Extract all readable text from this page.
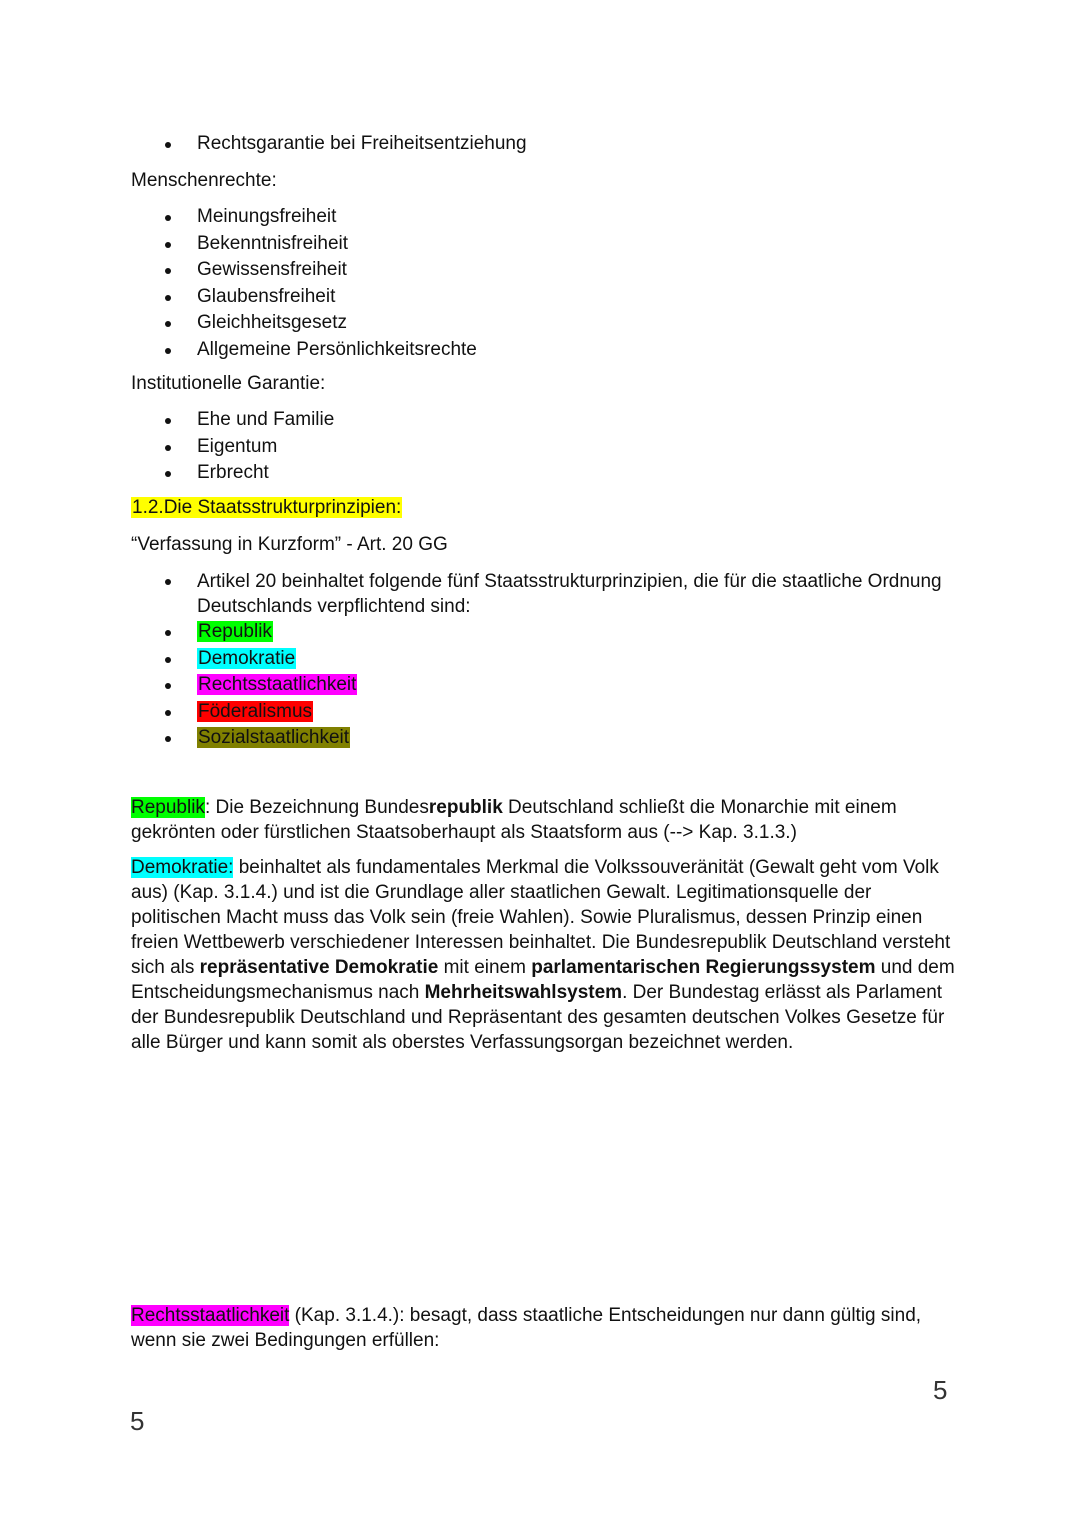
Rechtsgarantie bei Freiheitsentziehung

Menschenrechte:

Meinungsfreiheit
Bekenntnisfreiheit
Gewissensfreiheit
Glaubensfreiheit
Gleichheitsgesetz
Allgemeine Persönlichkeitsrechte

Institutionelle Garantie:

Ehe und Familie
Eigentum
Erbrecht

1.2.Die Staatsstrukturprinzipien:

“Verfassung in Kurzform” - Art. 20 GG

Artikel 20 beinhaltet folgende fünf Staatsstrukturprinzipien, die für die staatliche Ordnung Deutschlands verpflichtend sind:
Republik
Demokratie
Rechtsstaatlichkeit
Föderalismus
Sozialstaatlichkeit

Republik: Die Bezeichnung Bundesrepublik Deutschland schließt die Monarchie mit einem gekrönten oder fürstlichen Staatsoberhaupt als Staatsform aus (--> Kap. 3.1.3.)

Demokratie: beinhaltet als fundamentales Merkmal die Volkssouveränität (Gewalt geht vom Volk aus) (Kap. 3.1.4.) und ist die Grundlage aller staatlichen Gewalt. Legitimationsquelle der politischen Macht muss das Volk sein (freie Wahlen). Sowie Pluralismus, dessen Prinzip einen freien Wettbewerb verschiedener Interessen beinhaltet. Die Bundesrepublik Deutschland versteht sich als repräsentative Demokratie mit einem parlamentarischen Regierungssystem und dem Entscheidungsmechanismus nach Mehrheitswahlsystem. Der Bundestag erlässt als Parlament der Bundesrepublik Deutschland und Repräsentant des gesamten deutschen Volkes Gesetze für alle Bürger und kann somit als oberstes Verfassungsorgan bezeichnet werden.

Rechtsstaatlichkeit (Kap. 3.1.4.): besagt, dass staatliche Entscheidungen nur dann gültig sind, wenn sie zwei Bedingungen erfüllen:

5
5
